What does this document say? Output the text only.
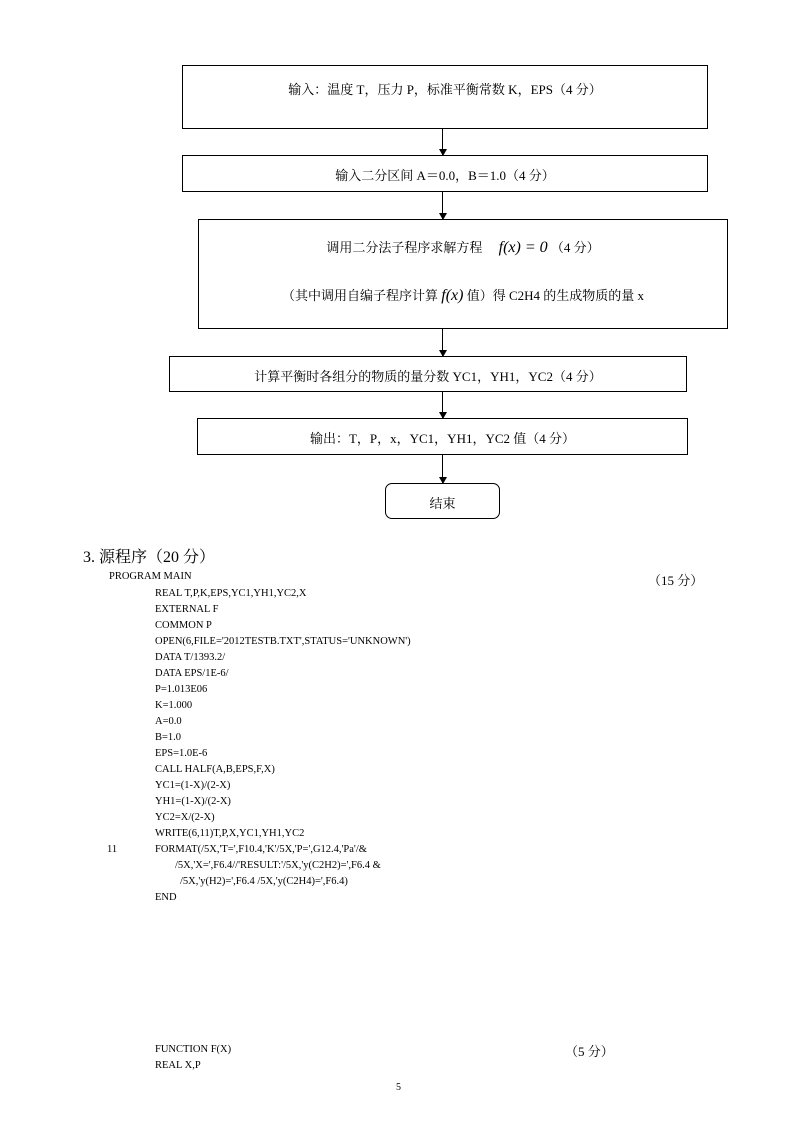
输入：温度 T，压力 P，标准平衡常数 K，EPS（4 分）
输入二分区间 A＝0.0，B＝1.0（4 分）
调用二分法子程序求解方程 f(x) = 0 （4 分）
（其中调用自编子程序计算 f(x) 值）得 C2H4 的生成物质的量 x
计算平衡时各组分的物质的量分数 YC1，YH1，YC2（4 分）
输出：T，P，x，YC1，YH1，YC2 值（4 分）
结束
3. 源程序（20 分）
（15 分）
（5 分）

PROGRAM MAIN

REAL T,P,K,EPS,YC1,YH1,YC2,X

EXTERNAL F

COMMON P

OPEN(6,FILE='2012TESTB.TXT',STATUS='UNKNOWN')

DATA T/1393.2/

DATA EPS/1E-6/

P=1.013E06

K=1.000

A=0.0

B=1.0

EPS=1.0E-6

CALL HALF(A,B,EPS,F,X)

YC1=(1-X)/(2-X)

YH1=(1-X)/(2-X)

YC2=X/(2-X)

WRITE(6,11)T,P,X,YC1,YH1,YC2

11

	FORMAT(/5X,'T=',F10.4,'K'/5X,'P=',G12.4,'Pa'/&

/5X,'X=',F6.4//'RESULT:'/5X,'y(C2H2)=',F6.4 &

/5X,'y(H2)=',F6.4 /5X,'y(C2H4)=',F6.4)

END

FUNCTION F(X)

REAL X,P

5
